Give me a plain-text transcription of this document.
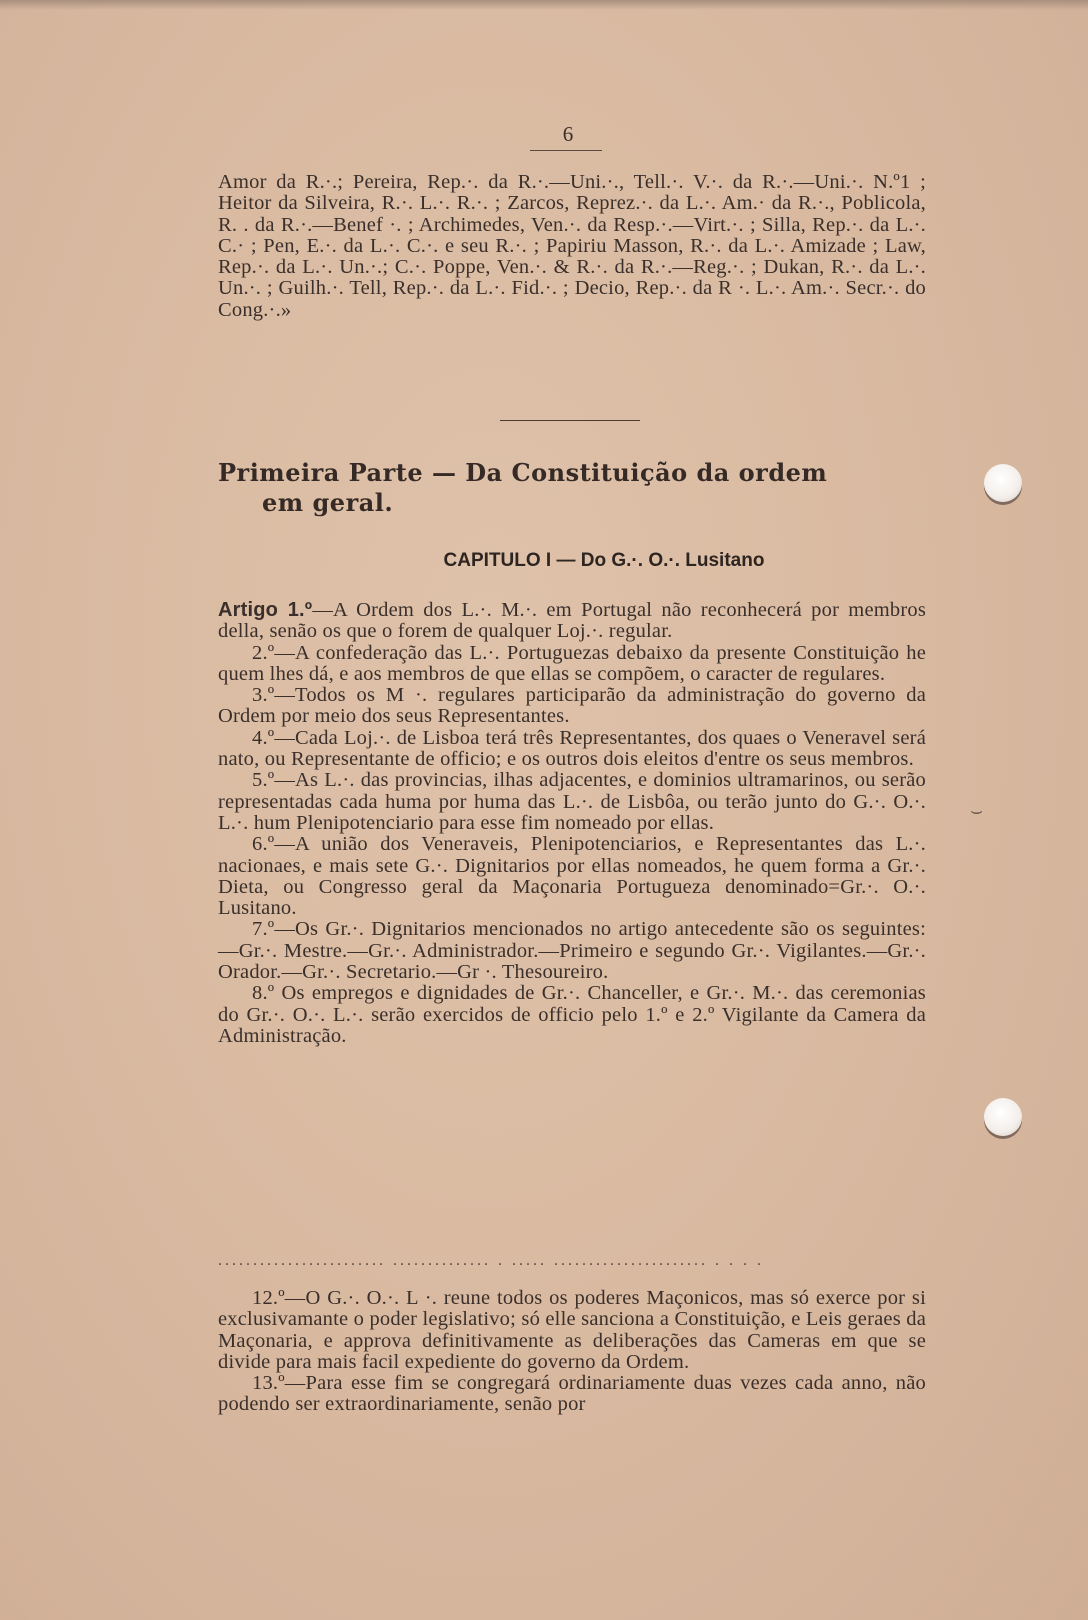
6
Amor da R.·.; Pereira, Rep.·. da R.·.—Uni.·., Tell.·. V.·. da R.·.—Uni.·. N.º1 ; Heitor da Silveira, R.·. L.·. R.·. ; Zarcos, Reprez.·. da L.·. Am.· da R.·., Poblicola, R. . da R.·.—Benef ·. ; Archimedes, Ven.·. da Resp.·.—Virt.·. ; Silla, Rep.·. da L.·. C.· ; Pen, E.·. da L.·. C.·. e seu R.·. ; Papiriu Masson, R.·. da L.·. Amizade ; Law, Rep.·. da L.·. Un.·.; C.·. Poppe, Ven.·. & R.·. da R.·.—Reg.·. ; Dukan, R.·. da L.·. Un.·. ; Guilh.·. Tell, Rep.·. da L.·. Fid.·. ; Decio, Rep.·. da R ·. L.·. Am.·. Secr.·. do Cong.·.»
Primeira Parte — Da Constituição da ordem
em geral.
CAPITULO I — Do G.·. O.·. Lusitano
Artigo 1.º—A Ordem dos L.·. M.·. em Portugal não reconhecerá por membros della, senão os que o forem de qualquer Loj.·. regular.
2.º—A confederação das L.·. Portuguezas debaixo da presente Constituição he quem lhes dá, e aos membros de que ellas se compõem, o caracter de regulares.
3.º—Todos os M ·. regulares participarão da administração do governo da Ordem por meio dos seus Representantes.
4.º—Cada Loj.·. de Lisboa terá três Representantes, dos quaes o Veneravel será nato, ou Representante de officio; e os outros dois eleitos d'entre os seus membros.
5.º—As L.·. das provincias, ilhas adjacentes, e dominios ultramarinos, ou serão representadas cada huma por huma das L.·. de Lisbôa, ou terão junto do G.·. O.·. L.·. hum Plenipotenciario para esse fim nomeado por ellas.
6.º—A união dos Veneraveis, Plenipotenciarios, e Representantes das L.·. nacionaes, e mais sete G.·. Dignitarios por ellas nomeados, he quem forma a Gr.·. Dieta, ou Congresso geral da Maçonaria Portugueza denominado=Gr.·. O.·. Lusitano.
7.º—Os Gr.·. Dignitarios mencionados no artigo antecedente são os seguintes:—Gr.·. Mestre.—Gr.·. Administrador.—Primeiro e segundo Gr.·. Vigilantes.—Gr.·. Orador.—Gr.·. Secretario.—Gr ·. Thesoureiro.
8.º Os empregos e dignidades de Gr.·. Chanceller, e Gr.·. M.·. das ceremonias do Gr.·. O.·. L.·. serão exercidos de officio pelo 1.º e 2.º Vigilante da Camera da Administração.
........................ .............. . ..... ...................... . . . .
12.º—O G.·. O.·. L ·. reune todos os poderes Maçonicos, mas só exerce por si exclusivamante o poder legislativo; só elle sanciona a Constituição, e Leis geraes da Maçonaria, e approva definitivamente as deliberações das Cameras em que se divide para mais facil expediente do governo da Ordem.
13.º—Para esse fim se congregará ordinariamente duas vezes cada anno, não podendo ser extraordinariamente, senão por
⌣
